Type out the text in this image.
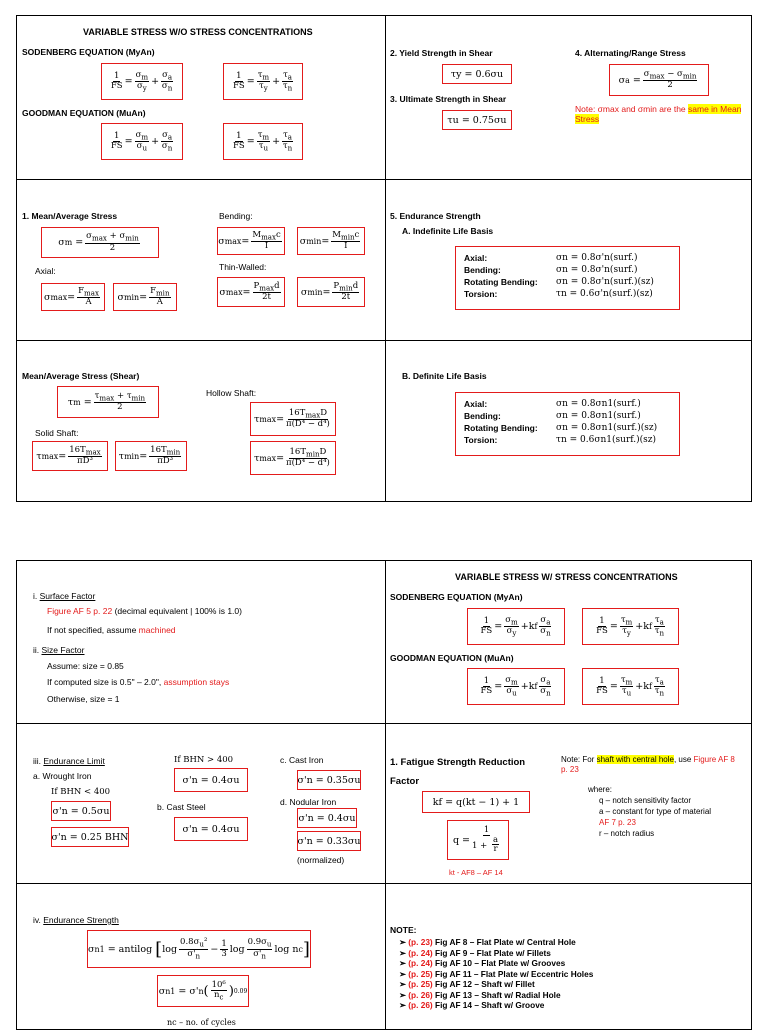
VARIABLE STRESS W/O STRESS CONCENTRATIONS
SODENBERG EQUATION (MyAn)
$\frac{1}{FS} = \frac{\sigma_m}{\sigma_y} + \frac{\sigma_a}{\sigma_n}$	$\frac{1}{FS} = \frac{\tau_m}{\tau_y} + \frac{\tau_a}{\tau_n}$
GOODMAN EQUATION (MuAn)
$\frac{1}{FS} = \frac{\sigma_m}{\sigma_u} + \frac{\sigma_a}{\sigma_n}$	$\frac{1}{FS} = \frac{\tau_m}{\tau_u} + \frac{\tau_a}{\tau_n}$
2. Yield Strength in Shear
τy = 0.6σu
3. Ultimate Strength in Shear
τu = 0.75σu
4. Alternating/Range Stress
σ $a = \frac{\sigma_{max} - \sigma_{min}}{2}$
Note: σmax and σmin are the same in Mean Stress
1. Mean/Average Stress
σ $m = \frac{\sigma_{max} + \sigma_{min}}{2}$
Bending:
σ $\max = \frac{M_{max}c}{I}$ σ $\min = \frac{M_{min}c}{I}$
Thin-Walled:
Axial:
σ $\max = \frac{F_{max}}{A}$	σ $\min = \frac{F_{min}}{A}$	σ $\max = \frac{P_{max}d}{2t}$	σ $\min = \frac{P_{min}d}{2t}$
5. Endurance Strength
A. Indefinite Life Basis
Axial:	σn = 0.8σ'n(surf.)
Bending:	σn = 0.8σ'n(surf.)
Rotating Bending:	σn = 0.8σ'n(surf.)(sz)
Torsion:	τn = 0.6σ'n(surf.)(sz)
Mean/Average Stress (Shear)
τ $m = \frac{\tau_{max} + \tau_{min}}{2}$	Hollow Shaft:
τ $\max = \frac{16T_{max}D}{\text{π(D⁴ − d⁴)}}$
Solid Shaft:
τ $\max = \frac{16T_{max}}{\text{πD³}}$	τ $\min = \frac{16T_{min}}{\text{πD³}}$	τ $\max = \frac{16T_{min}D}{\text{π(D⁴ − d⁴)}}$
B. Definite Life Basis
Axial:	σn = 0.8σn1(surf.)
Bending:	σn = 0.8σn1(surf.)
Rotating Bending:	σn = 0.8σn1(surf.)(sz)
Torsion:	τn = 0.6σn1(surf.)(sz)
i. Surface Factor
Figure AF 5 p. 22 (decimal equivalent | 100% is 1.0)
If not specified, assume machined
ii. Size Factor
Assume: size = 0.85
If computed size is 0.5" – 2.0", assumption stays
Otherwise, size = 1
VARIABLE STRESS W/ STRESS CONCENTRATIONS
SODENBERG EQUATION (MyAn)
$\frac{1}{FS} = \frac{\sigma_m}{\sigma_y} +k$ f $\frac{\sigma_a}{\sigma_n}$	$\frac{1}{FS} = \frac{\tau_m}{\tau_y} +k$ f $\frac{\tau_a}{\tau_n}$
GOODMAN EQUATION (MuAn)
$\frac{1}{FS} = \frac{\sigma_m}{\sigma_u} +k$ f $\frac{\sigma_a}{\sigma_n}$	$\frac{1}{FS} = \frac{\tau_m}{\tau_u} +k$ f $\frac{\tau_a}{\tau_n}$
iii. Endurance Limit
a. Wrought Iron
If BHN < 400
σ'n = 0.5σu
σ'n = 0.25 BHN
If BHN > 400
σ'n = 0.4σu
b. Cast Steel
σ'n = 0.4σu
c. Cast Iron
σ'n = 0.35σu
d. Nodular Iron
σ'n = 0.4σu
σ'n = 0.33σu
(normalized)
1. Fatigue Strength Reduction
Factor
kf = q(kt − 1) + 1
$q = \frac{1}{1 + \frac{a}{r}}$
kt - AF8 – AF 14
Note: For shaft with central hole, use Figure AF 8 p. 23
where:
q – notch sensitivity factor
a – constant for type of material
AF 7 p. 23
r – notch radius
iv. Endurance Strength
σ n1 = antilog [ $\log \frac{0.8\sigma_u^2}{\sigma'_n} - \frac{1}{3}$ $\log \frac{0.9\sigma_u}{\sigma'_n}$ log n c ]
σ n1 = σ' n ( $\frac{\text{10⁶}}{n_c}$ ) 0.09
nc – no. of cycles
NOTE:
➢ (p. 23) Fig AF 8 – Flat Plate w/ Central Hole
➢ (p. 24) Fig AF 9 – Flat Plate w/ Fillets
➢ (p. 24) Fig AF 10 – Flat Plate w/ Grooves
➢ (p. 25) Fig AF 11 – Flat Plate w/ Eccentric Holes
➢ (p. 25) Fig AF 12 – Shaft w/ Fillet
➢ (p. 26) Fig AF 13 – Shaft w/ Radial Hole
➢ (p. 26) Fig AF 14 – Shaft w/ Groove
